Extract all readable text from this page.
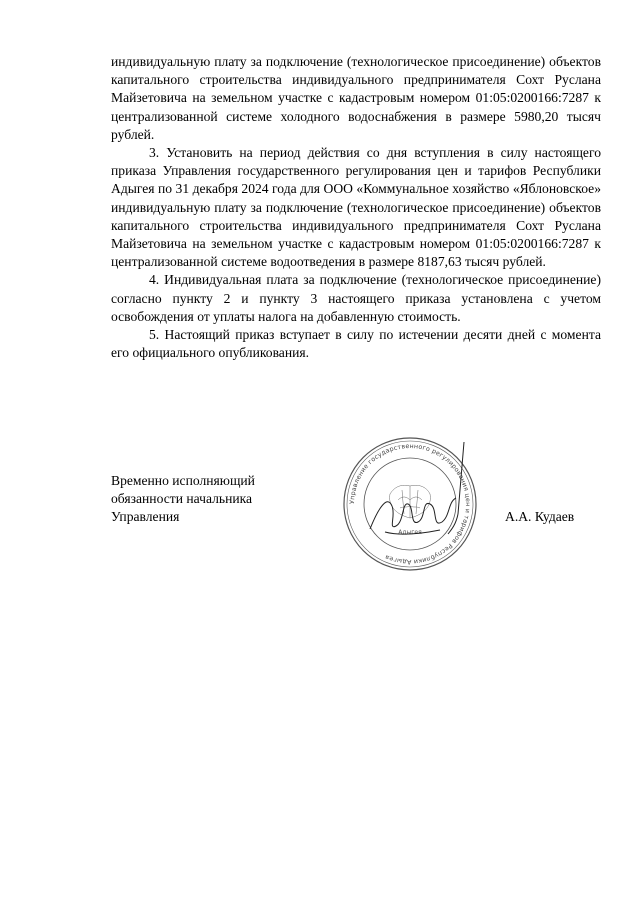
индивидуальную плату за подключение (технологическое присоединение) объектов капитального строительства индивидуального предпринимателя Сохт Руслана Майзетовича на земельном участке с кадастровым номером 01:05:0200166:7287 к централизованной системе холодного водоснабжения в размере 5980,20 тысяч рублей.

3. Установить на период действия со дня вступления в силу настоящего приказа Управления государственного регулирования цен и тарифов Республики Адыгея по 31 декабря 2024 года для ООО «Коммунальное хозяйство «Яблоновское» индивидуальную плату за подключение (технологическое присоединение) объектов капитального строительства индивидуального предпринимателя Сохт Руслана Майзетовича на земельном участке с кадастровым номером 01:05:0200166:7287 к централизованной системе водоотведения в размере 8187,63 тысяч рублей.

4. Индивидуальная плата за подключение (технологическое присоединение) согласно пункту 2 и пункту 3 настоящего приказа установлена с учетом освобождения от уплаты налога на добавленную стоимость.

5. Настоящий приказ вступает в силу по истечении десяти дней с момента его официального опубликования.

Временно исполняющий
обязанности начальника
Управления
Управление государственного регулирования цен и тарифов Республики Адыгея
Адыгея
А.А. Кудаев
